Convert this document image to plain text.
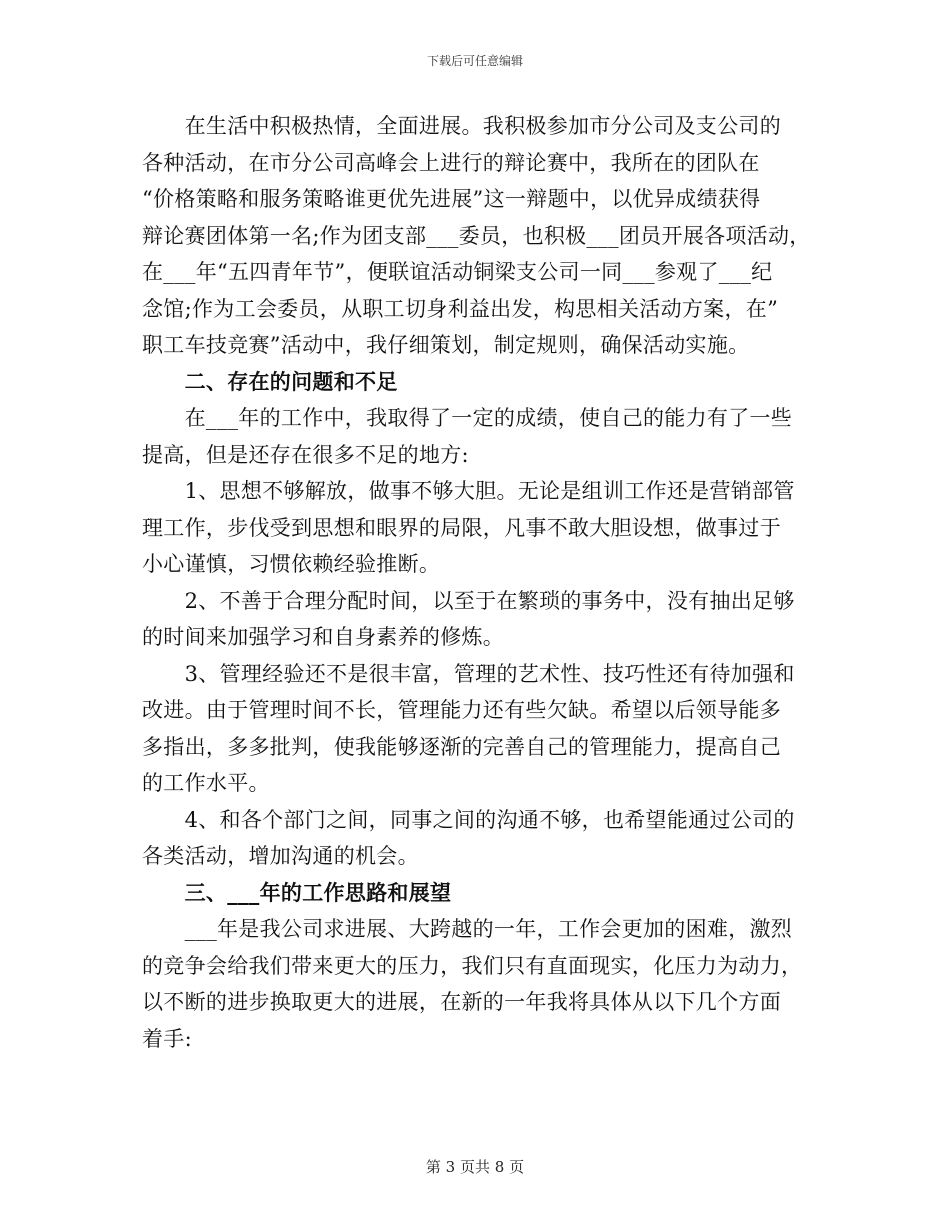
下载后可任意编辑
　　在生活中积极热情，全面进展。我积极参加市分公司及支公司的
各种活动，在市分公司高峰会上进行的辩论赛中，我所在的团队在
“价格策略和服务策略谁更优先进展”这一辩题中，以优异成绩获得
辩论赛团体第一名;作为团支部___委员，也积极___团员开展各项活动，
在___年“五四青年节”，便联谊活动铜梁支公司一同___参观了___纪
念馆;作为工会委员，从职工切身利益出发，构思相关活动方案，在”
职工车技竞赛”活动中，我仔细策划，制定规则，确保活动实施。
　　二、存在的问题和不足
　　在___年的工作中，我取得了一定的成绩，使自己的能力有了一些
提高，但是还存在很多不足的地方:
　　1、思想不够解放，做事不够大胆。无论是组训工作还是营销部管
理工作，步伐受到思想和眼界的局限，凡事不敢大胆设想，做事过于
小心谨慎，习惯依赖经验推断。
　　2、不善于合理分配时间，以至于在繁琐的事务中，没有抽出足够
的时间来加强学习和自身素养的修炼。
　　3、管理经验还不是很丰富，管理的艺术性、技巧性还有待加强和
改进。由于管理时间不长，管理能力还有些欠缺。希望以后领导能多
多指出，多多批判，使我能够逐渐的完善自己的管理能力，提高自己
的工作水平。
　　4、和各个部门之间，同事之间的沟通不够，也希望能通过公司的
各类活动，增加沟通的机会。
　　三、___年的工作思路和展望
　　___年是我公司求进展、大跨越的一年，工作会更加的困难，激烈
的竞争会给我们带来更大的压力，我们只有直面现实，化压力为动力，
以不断的进步换取更大的进展，在新的一年我将具体从以下几个方面
着手:
第 3 页共 8 页
